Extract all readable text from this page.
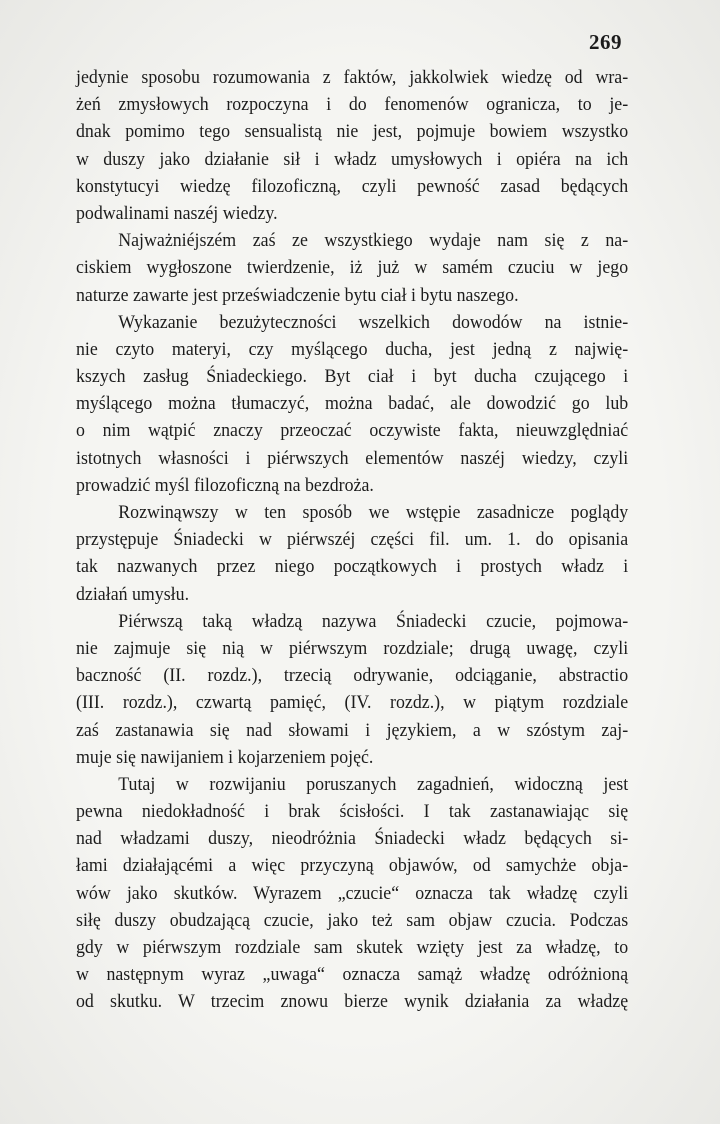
269
jedynie sposobu rozumowania z faktów, jakkolwiek wiedzę od wra-
żeń zmysłowych rozpoczyna i do fenomenów ogranicza, to je-
dnak pomimo tego sensualistą nie jest, pojmuje bowiem wszystko
w duszy jako działanie sił i władz umysłowych i opiéra na ich
konstytucyi wiedzę filozoficzną, czyli pewność zasad będących
podwalinami naszéj wiedzy.
Najważniéjszém zaś ze wszystkiego wydaje nam się z na-
ciskiem wygłoszone twierdzenie, iż już w samém czuciu w jego
naturze zawarte jest przeświadczenie bytu ciał i bytu naszego.
Wykazanie bezużyteczności wszelkich dowodów na istnie-
nie czyto materyi, czy myślącego ducha, jest jedną z najwię-
kszych zasług Śniadeckiego. Byt ciał i byt ducha czującego i
myślącego można tłumaczyć, można badać, ale dowodzić go lub
o nim wątpić znaczy przeoczać oczywiste fakta, nieuwzględniać
istotnych własności i piérwszych elementów naszéj wiedzy, czyli
prowadzić myśl filozoficzną na bezdroża.
Rozwinąwszy w ten sposób we wstępie zasadnicze poglądy
przystępuje Śniadecki w piérwszéj części fil. um. 1. do opisania
tak nazwanych przez niego początkowych i prostych władz i
działań umysłu.
Piérwszą taką władzą nazywa Śniadecki czucie, pojmowa-
nie zajmuje się nią w piérwszym rozdziale; drugą uwagę, czyli
baczność (II. rozdz.), trzecią odrywanie, odciąganie, abstractio
(III. rozdz.), czwartą pamięć, (IV. rozdz.), w piątym rozdziale
zaś zastanawia się nad słowami i językiem, a w szóstym zaj-
muje się nawijaniem i kojarzeniem pojęć.
Tutaj w rozwijaniu poruszanych zagadnień, widoczną jest
pewna niedokładność i brak ścisłości. I tak zastanawiając się
nad władzami duszy, nieodróżnia Śniadecki władz będących si-
łami działającémi a więc przyczyną objawów, od samychże obja-
wów jako skutków. Wyrazem „czucie“ oznacza tak władzę czyli
siłę duszy obudzającą czucie, jako też sam objaw czucia. Podczas
gdy w piérwszym rozdziale sam skutek wzięty jest za władzę, to
w następnym wyraz „uwaga“ oznacza samąż władzę odróżnioną
od skutku. W trzecim znowu bierze wynik działania za władzę
